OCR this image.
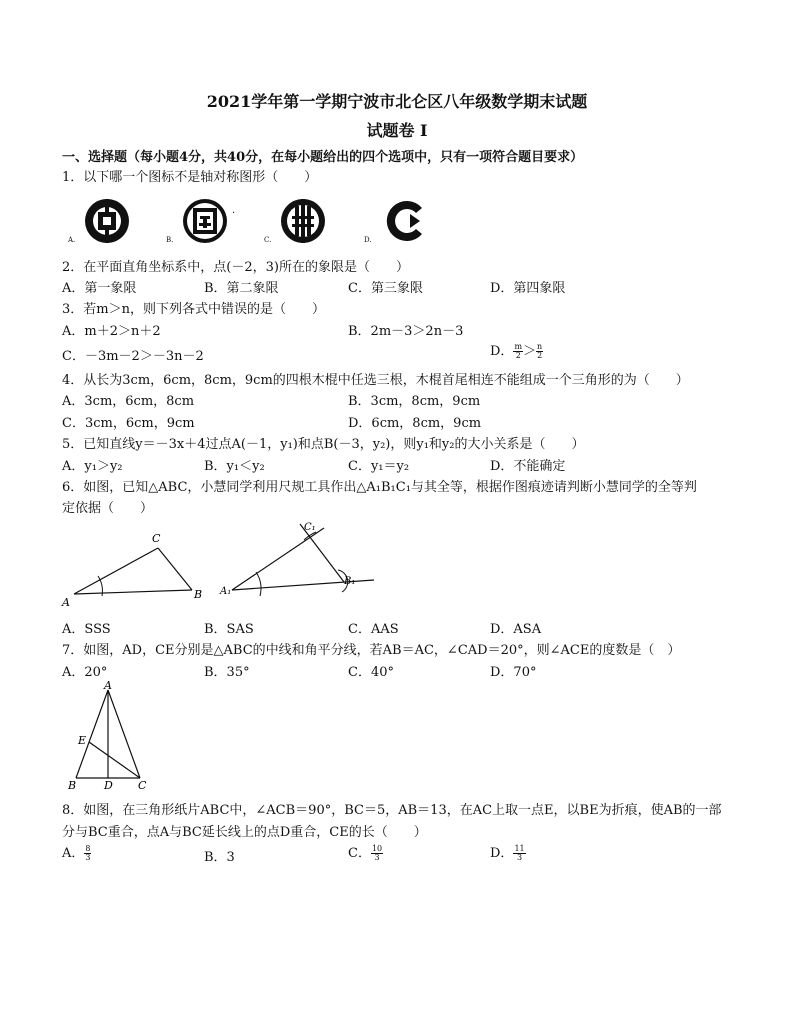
2021学年第一学期宁波市北仑区八年级数学期末试题
试题卷 I
一、选择题（每小题4分，共40分，在每小题给出的四个选项中，只有一项符合题目要求）
1．以下哪一个图标不是轴对称图形（　　）
A.	B.
·
C.	D.
2．在平面直角坐标系中，点(－2，3)所在的象限是（　　）
A．第一象限	B．第二象限	C．第三象限	D．第四象限
3．若m＞n，则下列各式中错误的是（　　）
A．m＋2＞n＋2	B．2m－3＞2n－3
C．－3m－2＞－3n－2	D． $\frac{m}{2} > \frac{n}{2}$
4．从长为3cm，6cm，8cm，9cm的四根木棍中任选三根，木棍首尾相连不能组成一个三角形的为（　　）
A．3cm，6cm，8cm	B．3cm，8cm，9cm
C．3cm，6cm，9cm	D．6cm，8cm，9cm
5．已知直线y＝－3x＋4过点A(－1，y₁)和点B(－3，y₂)，则y₁和y₂的大小关系是（　　）
A．y₁＞y₂	B．y₁＜y₂	C．y₁＝y₂	D．不能确定
6．如图，已知△ABC，小慧同学利用尺规工具作出△A₁B₁C₁与其全等，根据作图痕迹请判断小慧同学的全等判
定依据（　　）
A
B
C
A₁
B₁
C₁
A．SSS	B．SAS	C．AAS	D．ASA
7．如图，AD，CE分别是△ABC的中线和角平分线，若AB＝AC，∠CAD＝20°，则∠ACE的度数是（　）
A．20°	B．35°	C．40°	D．70°
A
E
B	D C
8．如图，在三角形纸片ABC中，∠ACB＝90°，BC＝5，AB＝13，在AC上取一点E，以BE为折痕，使AB的一部
分与BC重合，点A与BC延长线上的点D重合，CE的长（　　）
A． $\frac{8}{3}$	B．3	C． $\frac{10}{3}$	D． $\frac{11}{3}$
